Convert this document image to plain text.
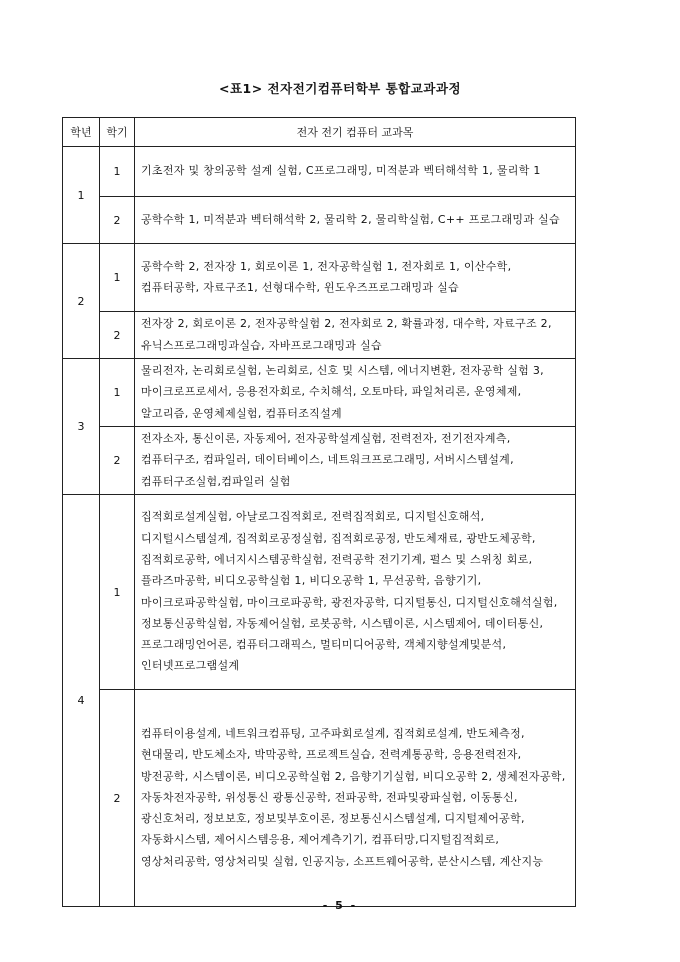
<표1> 전자전기컴퓨터학부 통합교과과정
학년	학기	전자 전기 컴퓨터 교과목
1	1	기초전자 및 창의공학 설계 실험, C프로그래밍, 미적분과 벡터해석학 1, 물리학 1
	2	공학수학 1, 미적분과 벡터해석학 2, 물리학 2, 물리학실험, C++ 프로그래밍과 실습
2	1	공학수학 2, 전자장 1, 회로이론 1, 전자공학실험 1, 전자회로 1, 이산수학, 컴퓨터공학, 자료구조1, 선형대수학, 윈도우즈프로그래밍과 실습
	2	전자장 2, 회로이론 2, 전자공학실험 2, 전자회로 2, 확률과정, 대수학, 자료구조 2, 유닉스프로그래밍과실습, 자바프로그래밍과 실습
3	1	물리전자, 논리회로실험, 논리회로, 신호 및 시스템, 에너지변환, 전자공학 실험 3, 마이크로프로세서, 응용전자회로, 수치해석, 오토마타, 파일처리론, 운영체제, 알고리즘, 운영체제실험, 컴퓨터조직설계
	2	전자소자, 통신이론, 자동제어, 전자공학설계실험, 전력전자, 전기전자계측, 컴퓨터구조, 컴파일러, 데이터베이스, 네트워크프로그래밍, 서버시스템설계, 컴퓨터구조실험,컴파일러 실험
4	1	집적회로설계실험, 아날로그집적회로, 전력집적회로, 디지털신호해석, 디지털시스템설계, 집적회로공정실험, 집적회로공정, 반도체재료, 광반도체공학, 집적회로공학, 에너지시스템공학실험, 전력공학 전기기계, 펄스 및 스위칭 회로, 플라즈마공학, 비디오공학실험 1, 비디오공학 1, 무선공학, 음향기기, 마이크로파공학실험, 마이크로파공학, 광전자공학, 디지털통신, 디지털신호해석실험, 정보통신공학실험, 자동제어실험, 로봇공학, 시스템이론, 시스템제어, 데이터통신, 프로그래밍언어론, 컴퓨터그래픽스, 멀티미디어공학, 객체지향설계및분석, 인터넷프로그램설계
	2	컴퓨터이용설계, 네트워크컴퓨팅, 고주파회로설계, 집적회로설계, 반도체측정, 현대물리, 반도체소자, 박막공학, 프로젝트실습, 전력계통공학, 응용전력전자, 방전공학, 시스템이론, 비디오공학실험 2, 음향기기실험, 비디오공학 2, 생체전자공학, 자동차전자공학, 위성통신 광통신공학, 전파공학, 전파및광파실험, 이동통신, 광신호처리, 정보보호, 정보및부호이론, 정보통신시스템설계, 디지털제어공학, 자동화시스템, 제어시스템응용, 제어계측기기, 컴퓨터망,디지털집적회로, 영상처리공학, 영상처리및 실험, 인공지능, 소프트웨어공학, 분산시스템, 계산지능
- 5 -
